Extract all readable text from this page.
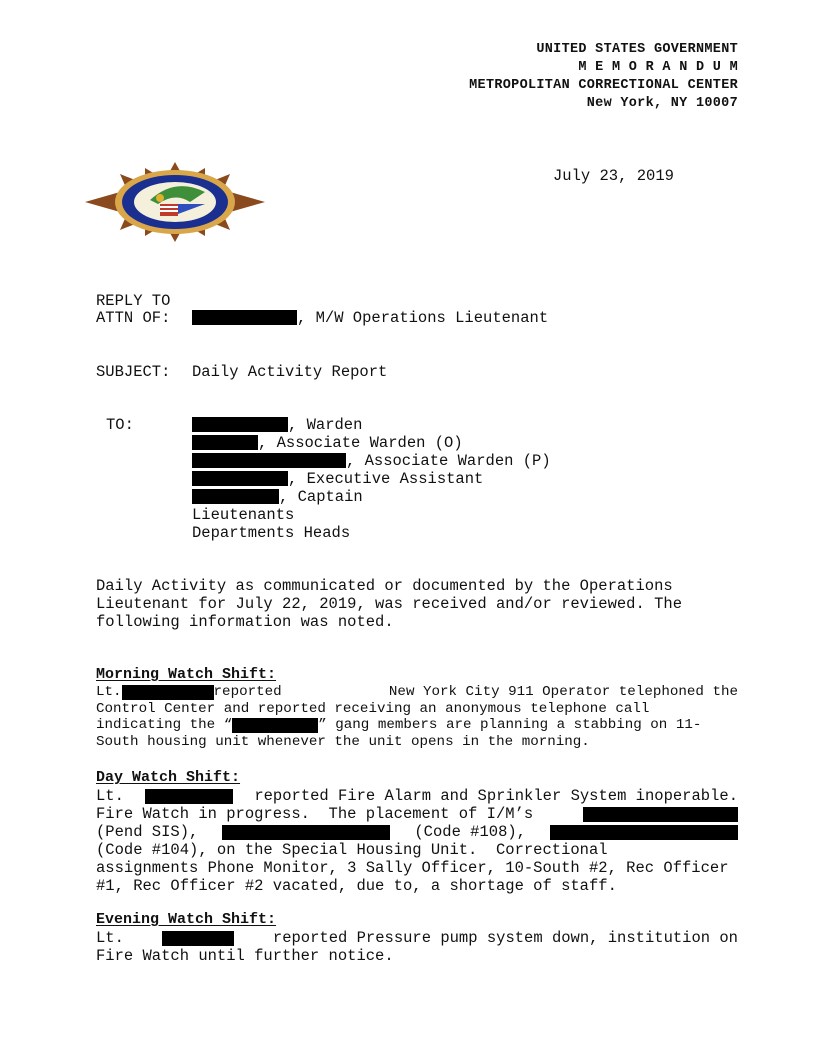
UNITED STATES GOVERNMENT
M E M O R A N D U M
METROPOLITAN CORRECTIONAL CENTER
New York, NY 10007
July 23, 2019
REPLY TO
ATTN OF:	, M/W Operations Lieutenant
SUBJECT: Daily Activity Report
TO:	, Warden
, Associate Warden (O)
, Associate Warden (P)
, Executive Assistant
, Captain
Lieutenants
Departments Heads
Daily Activity as communicated or documented by the Operations Lieutenant for July 22, 2019, was received and/or reviewed. The following information was noted.
Morning Watch Shift:
Lt.	reported	New York City 911 Operator telephoned the
Control Center and reported receiving an anonymous telephone call
indicating the “	” gang members are planning a stabbing on 11-
South housing unit whenever the unit opens in the morning.
Day Watch Shift:
Lt.	reported Fire Alarm and Sprinkler System inoperable.
Fire Watch in progress.  The placement of I/M’s
(Pend SIS),	(Code #108),
(Code #104), on the Special Housing Unit.  Correctional
assignments Phone Monitor, 3 Sally Officer, 10-South #2, Rec Officer
#1, Rec Officer #2 vacated, due to, a shortage of staff.
Evening Watch Shift:
Lt.	reported Pressure pump system down, institution on
Fire Watch until further notice.
